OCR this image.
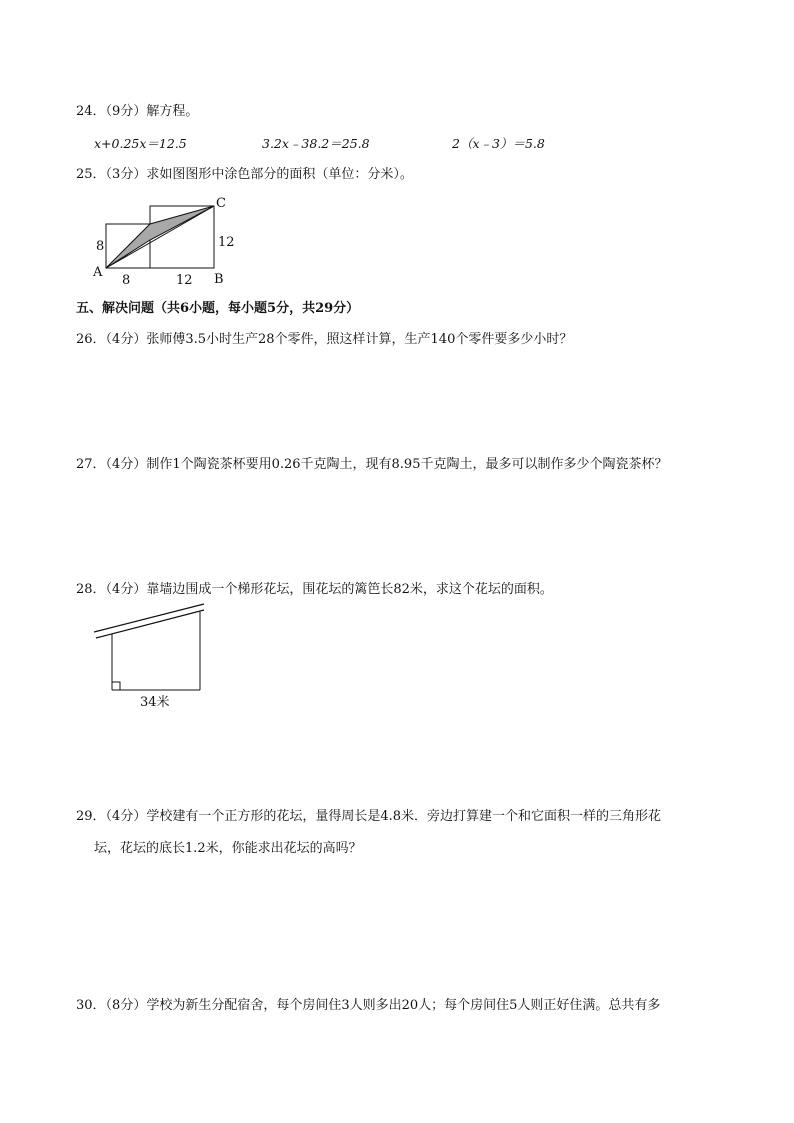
24．（9分）解方程。
x+0.25x＝12.5	3.2x﹣38.2＝25.8	2（x﹣3）＝5.8
25．（3分）求如图图形中涂色部分的面积（单位：分米）。
8
A
8	12 B
12
C
五、解决问题（共6小题，每小题5分，共29分）
26．（4分）张师傅3.5小时生产28个零件，照这样计算，生产140个零件要多少小时？
27．（4分）制作1个陶瓷茶杯要用0.26千克陶土，现有8.95千克陶土，最多可以制作多少个陶瓷茶杯？
28．（4分）靠墙边围成一个梯形花坛，围花坛的篱笆长82米，求这个花坛的面积。
34米
29．（4分）学校建有一个正方形的花坛，量得周长是4.8米．旁边打算建一个和它面积一样的三角形花
坛，花坛的底长1.2米，你能求出花坛的高吗？
30．（8分）学校为新生分配宿舍，每个房间住3人则多出20人；每个房间住5人则正好住满。总共有多
